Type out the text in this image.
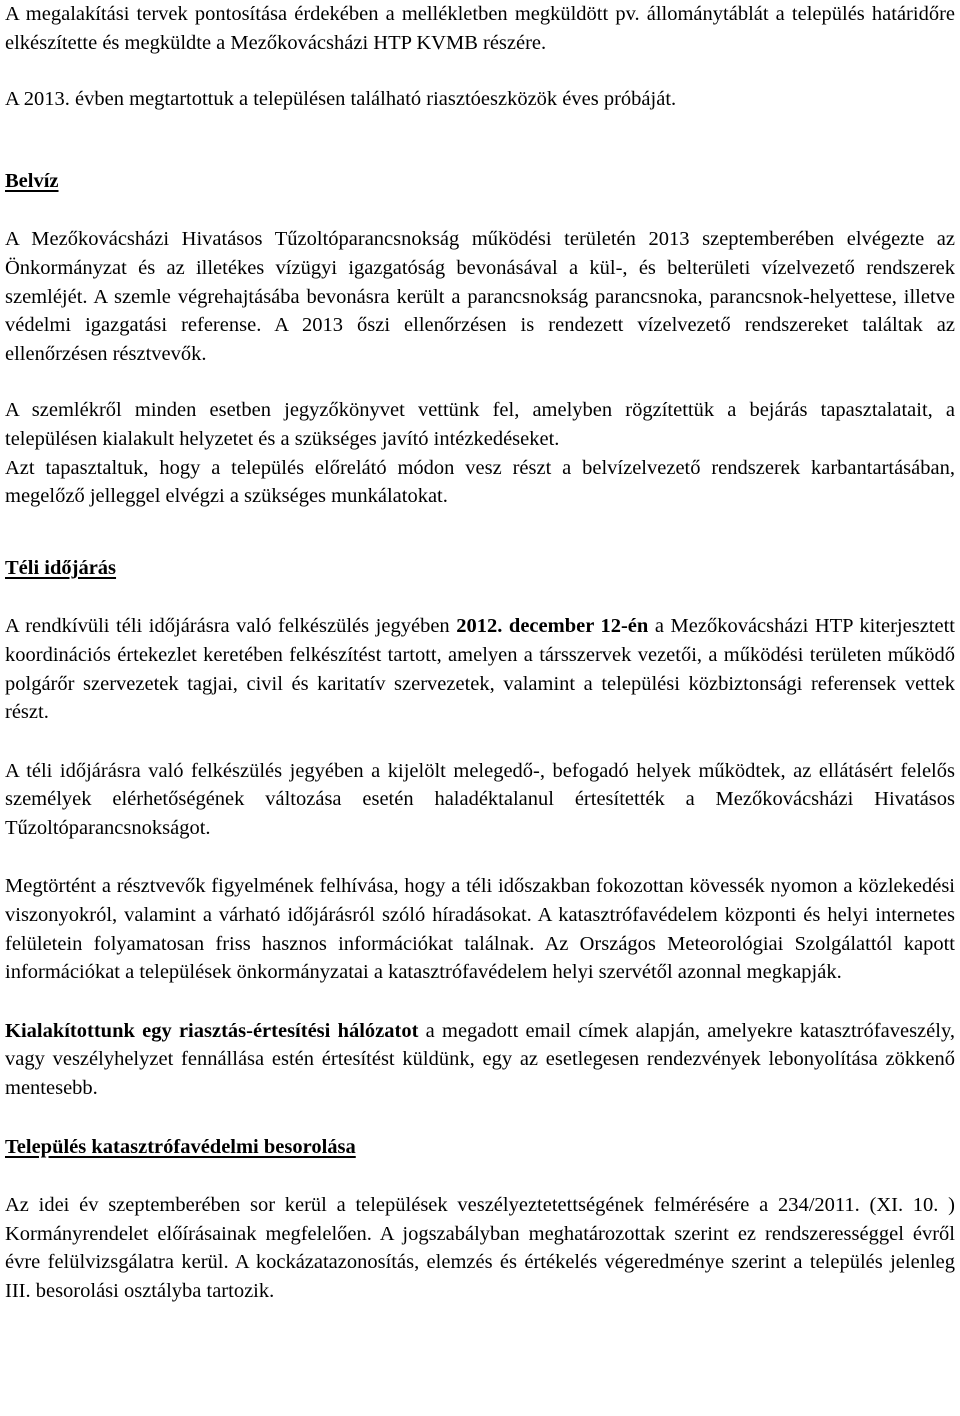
A megalakítási tervek pontosítása érdekében a mellékletben megküldött pv. állománytáblát a település határidőre elkészítette és megküldte a Mezőkovácsházi HTP KVMB részére.

A 2013. évben megtartottuk a településen található riasztóeszközök éves próbáját.

Belvíz

A Mezőkovácsházi Hivatásos Tűzoltóparancsnokság működési területén 2013 szeptemberében elvégezte az Önkormányzat és az illetékes vízügyi igazgatóság bevonásával a kül-, és belterületi vízelvezető rendszerek szemléjét. A szemle végrehajtásába bevonásra került a parancsnokság parancsnoka, parancsnok-helyettese, illetve védelmi igazgatási referense. A 2013 őszi ellenőrzésen is rendezett vízelvezető rendszereket találtak az ellenőrzésen résztvevők.

A szemlékről minden esetben jegyzőkönyvet vettünk fel, amelyben rögzítettük a bejárás tapasztalatait, a településen kialakult helyzetet és a szükséges javító intézkedéseket.

Azt tapasztaltuk, hogy a település előrelátó módon vesz részt a belvízelvezető rendszerek karbantartásában, megelőző jelleggel elvégzi a szükséges munkálatokat.

Téli időjárás

A rendkívüli téli időjárásra való felkészülés jegyében 2012. december 12-én a Mezőkovácsházi HTP kiterjesztett koordinációs értekezlet keretében felkészítést tartott, amelyen a társszervek vezetői, a működési területen működő polgárőr szervezetek tagjai, civil és karitatív szervezetek, valamint a települési közbiztonsági referensek vettek részt.

A téli időjárásra való felkészülés jegyében a kijelölt melegedő-, befogadó helyek működtek, az ellátásért felelős személyek elérhetőségének változása esetén haladéktalanul értesítették a Mezőkovácsházi Hivatásos Tűzoltóparancsnokságot.

Megtörtént a résztvevők figyelmének felhívása, hogy a téli időszakban fokozottan kövessék nyomon a közlekedési viszonyokról, valamint a várható időjárásról szóló híradásokat. A katasztrófavédelem központi és helyi internetes felületein folyamatosan friss hasznos információkat találnak. Az Országos Meteorológiai Szolgálattól kapott információkat a települések önkormányzatai a katasztrófavédelem helyi szervétől azonnal megkapják.

Kialakítottunk egy riasztás-értesítési hálózatot a megadott email címek alapján, amelyekre katasztrófaveszély, vagy veszélyhelyzet fennállása estén értesítést küldünk, egy az esetlegesen rendezvények lebonyolítása zökkenő mentesebb.

Település katasztrófavédelmi besorolása

Az idei év szeptemberében sor kerül a települések veszélyeztetettségének felmérésére a 234/2011. (XI. 10. ) Kormányrendelet előírásainak megfelelően. A jogszabályban meghatározottak szerint ez rendszerességgel évről évre felülvizsgálatra kerül. A kockázatazonosítás, elemzés és értékelés végeredménye szerint a település jelenleg III. besorolási osztályba tartozik.
